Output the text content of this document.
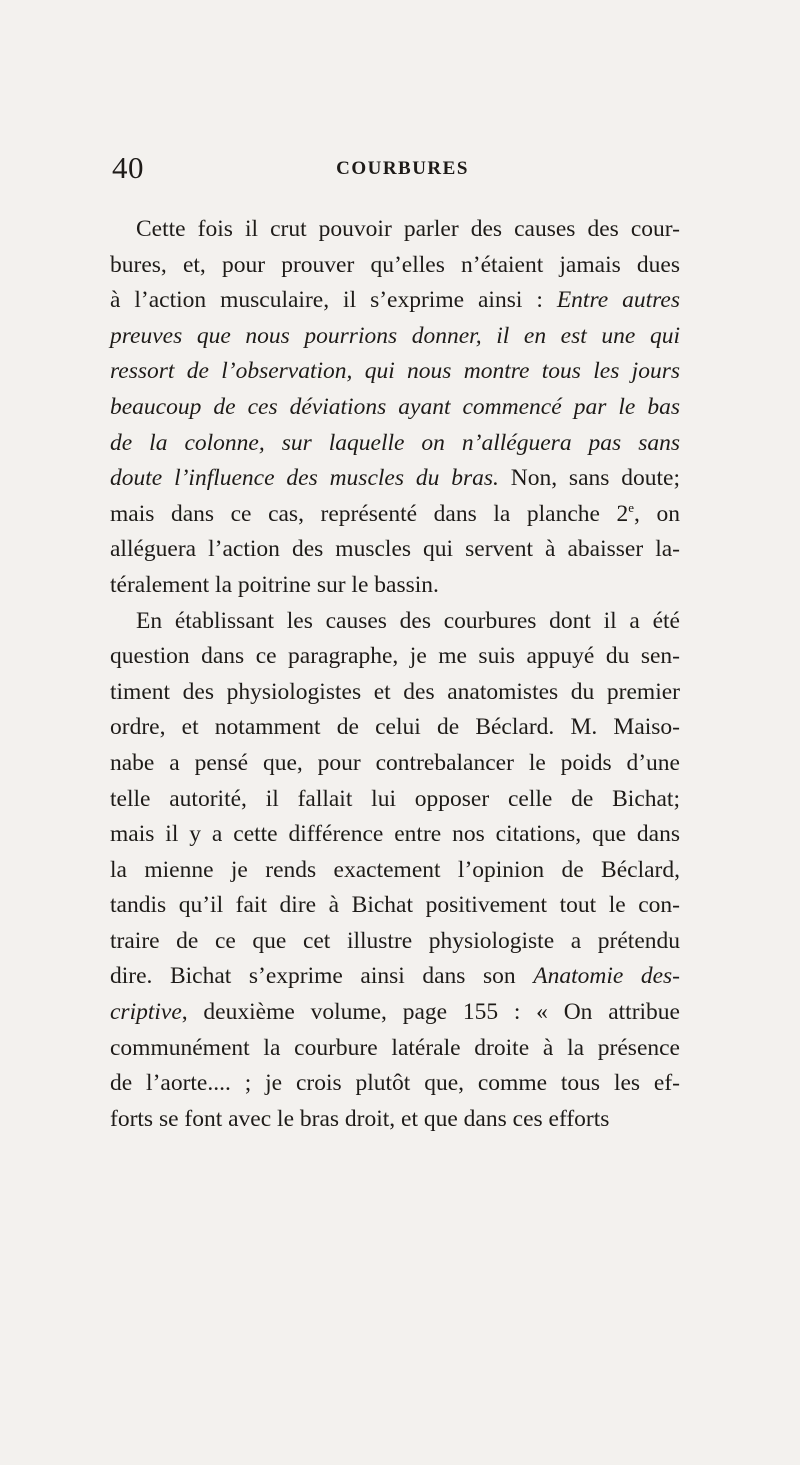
40	COURBURES
Cette fois il crut pouvoir parler des causes des cour-
bures, et, pour prouver qu’elles n’étaient jamais dues
à l’action musculaire, il s’exprime ainsi : Entre autres
preuves que nous pourrions donner, il en est une qui
ressort de l’observation, qui nous montre tous les jours
beaucoup de ces déviations ayant commencé par le bas
de la colonne, sur laquelle on n’alléguera pas sans
doute l’influence des muscles du bras. Non, sans doute;
mais dans ce cas, représenté dans la planche 2e, on
alléguera l’action des muscles qui servent à abaisser la-
téralement la poitrine sur le bassin.
En établissant les causes des courbures dont il a été
question dans ce paragraphe, je me suis appuyé du sen-
timent des physiologistes et des anatomistes du premier
ordre, et notamment de celui de Béclard. M. Maiso-
nabe a pensé que, pour contrebalancer le poids d’une
telle autorité, il fallait lui opposer celle de Bichat;
mais il y a cette différence entre nos citations, que dans
la mienne je rends exactement l’opinion de Béclard,
tandis qu’il fait dire à Bichat positivement tout le con-
traire de ce que cet illustre physiologiste a prétendu
dire. Bichat s’exprime ainsi dans son Anatomie des-
criptive, deuxième volume, page 155 : « On attribue
communément la courbure latérale droite à la présence
de l’aorte.... ; je crois plutôt que, comme tous les ef-
forts se font avec le bras droit, et que dans ces efforts
